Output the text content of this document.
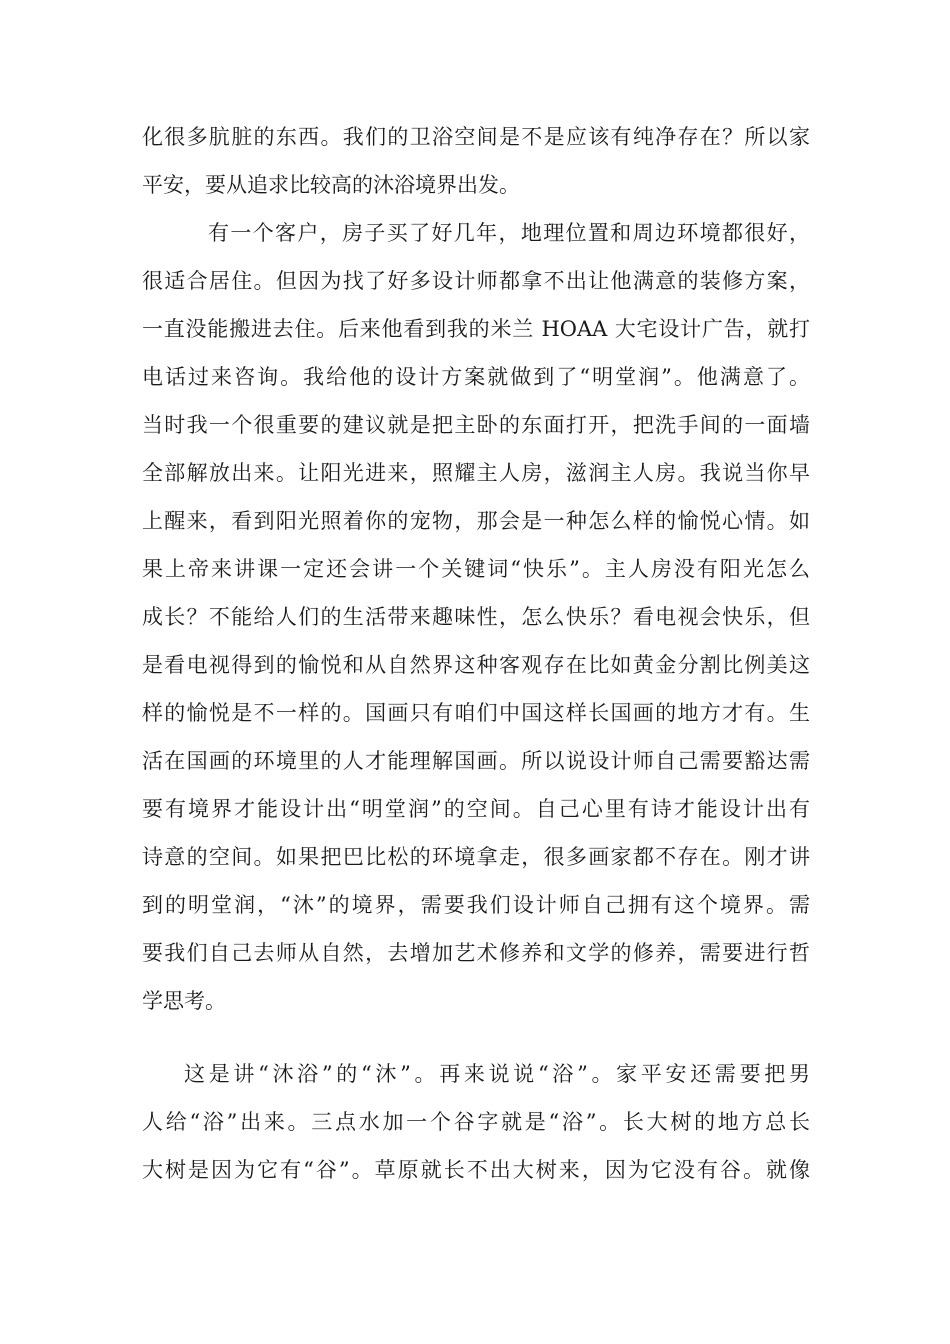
化很多肮脏的东西。我们的卫浴空间是不是应该有纯净存在？所以家
平安，要从追求比较高的沐浴境界出发。
有一个客户，房子买了好几年，地理位置和周边环境都很好，
很适合居住。但因为找了好多设计师都拿不出让他满意的装修方案，
一直没能搬进去住。后来他看到我的米兰 HOAA 大宅设计广告，就打
电话过来咨询。我给他的设计方案就做到了“明堂润”。他满意了。
当时我一个很重要的建议就是把主卧的东面打开，把洗手间的一面墙
全部解放出来。让阳光进来，照耀主人房，滋润主人房。我说当你早
上醒来，看到阳光照着你的宠物，那会是一种怎么样的愉悦心情。如
果上帝来讲课一定还会讲一个关键词“快乐”。主人房没有阳光怎么
成长？不能给人们的生活带来趣味性，怎么快乐？看电视会快乐，但
是看电视得到的愉悦和从自然界这种客观存在比如黄金分割比例美这
样的愉悦是不一样的。国画只有咱们中国这样长国画的地方才有。生
活在国画的环境里的人才能理解国画。所以说设计师自己需要豁达需
要有境界才能设计出“明堂润”的空间。自己心里有诗才能设计出有
诗意的空间。如果把巴比松的环境拿走，很多画家都不存在。刚才讲
到的明堂润，“沐”的境界，需要我们设计师自己拥有这个境界。需
要我们自己去师从自然，去增加艺术修养和文学的修养，需要进行哲
学思考。
这是讲“沐浴”的“沐”。再来说说“浴”。家平安还需要把男
人给“浴”出来。三点水加一个谷字就是“浴”。长大树的地方总长
大树是因为它有“谷”。草原就长不出大树来，因为它没有谷。就像
